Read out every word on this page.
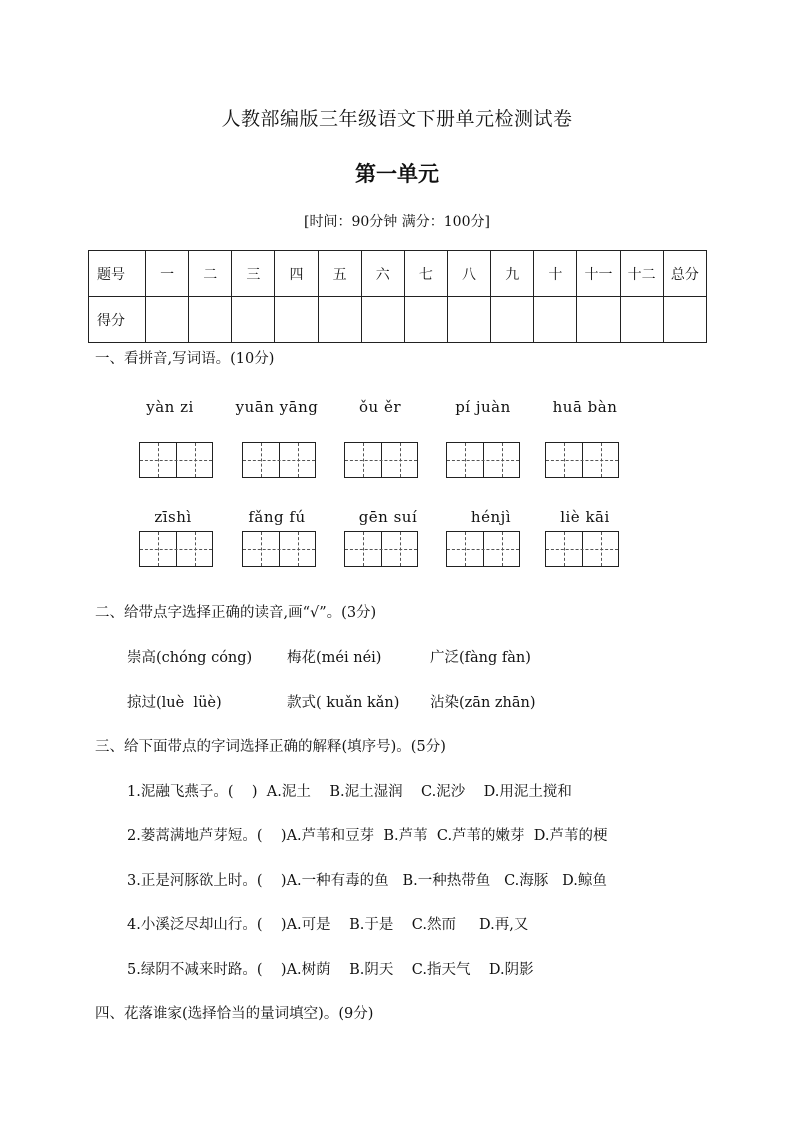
人教部编版三年级语文下册单元检测试卷
第一单元
[时间：90分钟 满分：100分]
题号	一	二	三	四	五	六	七	八	九	十	十一	十二	总分
得分													
一、看拼音,写词语。(10分)
yàn zi	yuān yāng	ǒu ěr	pí juàn	huā bàn
zīshì	fǎng fú	gēn suí	hénjì	liè kāi
二、给带点字选择正确的读音,画“√”。(3分)
崇高(chóng cóng) 梅花(méi néi)	广泛(fàng fàn)
掠过(luè  lüè)	款式( kuǎn kǎn) 沾染(zān zhān)
三、给下面带点的字词选择正确的解释(填序号)。(5分)
1.泥融飞燕子。(    )  A.泥土    B.泥土湿润    C.泥沙    D.用泥土搅和
2.蒌蒿满地芦芽短。(    )A.芦苇和豆芽  B.芦苇  C.芦苇的嫩芽  D.芦苇的梗
3.正是河豚欲上时。(    )A.一种有毒的鱼   B.一种热带鱼   C.海豚   D.鲸鱼
4.小溪泛尽却山行。(    )A.可是    B.于是    C.然而     D.再,又
5.绿阴不减来时路。(    )A.树荫    B.阴天    C.指天气    D.阴影
四、花落谁家(选择恰当的量词填空)。(9分)
